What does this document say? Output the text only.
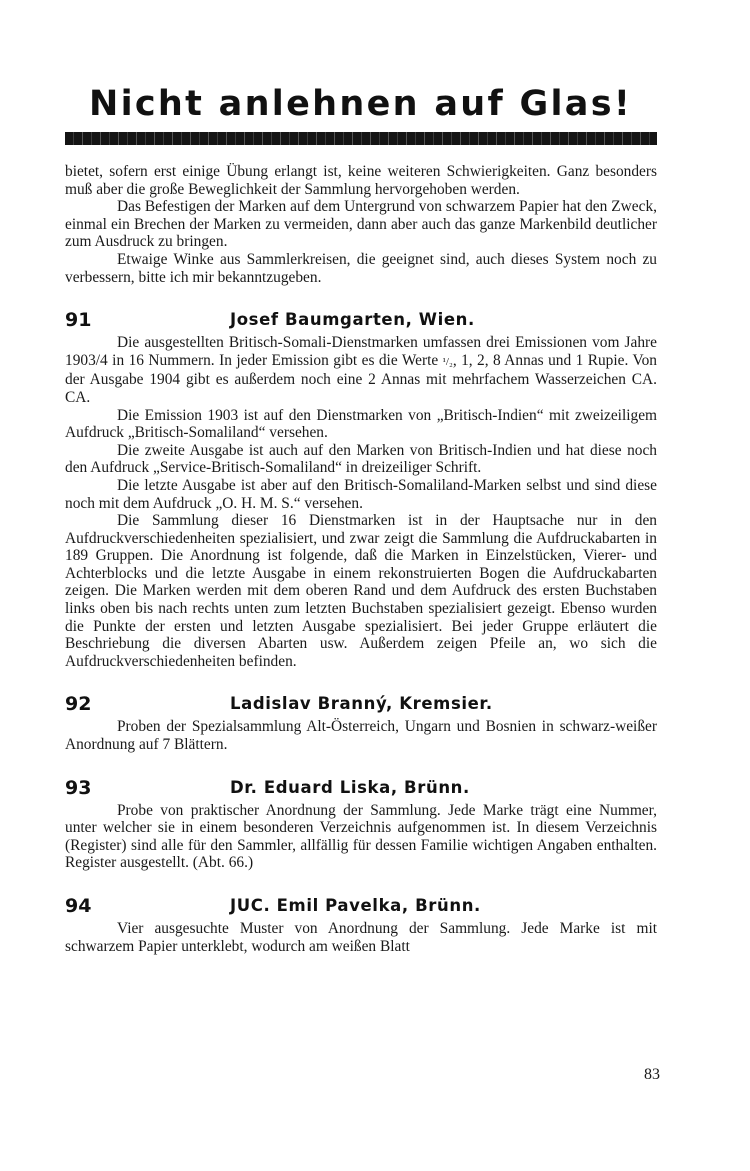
Nicht anlehnen auf Glas!

bietet, sofern erst einige Übung erlangt ist, keine weiteren Schwierigkeiten. Ganz besonders muß aber die große Beweglichkeit der Sammlung hervorgehoben werden.

Das Befestigen der Marken auf dem Untergrund von schwarzem Papier hat den Zweck, einmal ein Brechen der Marken zu vermeiden, dann aber auch das ganze Markenbild deutlicher zum Ausdruck zu bringen.

Etwaige Winke aus Sammlerkreisen, die geeignet sind, auch dieses System noch zu verbessern, bitte ich mir bekanntzugeben.

91	Josef Baumgarten, Wien.

Die ausgestellten Britisch-Somali-Dienstmarken umfassen drei Emissionen vom Jahre 1903/4 in 16 Nummern. In jeder Emission gibt es die Werte ¹/₂, 1, 2, 8 Annas und 1 Rupie. Von der Ausgabe 1904 gibt es außerdem noch eine 2 Annas mit mehrfachem Wasserzeichen CA. CA.

Die Emission 1903 ist auf den Dienstmarken von „Britisch-Indien“ mit zweizeiligem Aufdruck „Britisch-Somaliland“ versehen.

Die zweite Ausgabe ist auch auf den Marken von Britisch-Indien und hat diese noch den Aufdruck „Service-Britisch-Somaliland“ in dreizeiliger Schrift.

Die letzte Ausgabe ist aber auf den Britisch-Somaliland-Marken selbst und sind diese noch mit dem Aufdruck „O. H. M. S.“ versehen.

Die Sammlung dieser 16 Dienstmarken ist in der Hauptsache nur in den Aufdruckverschiedenheiten spezialisiert, und zwar zeigt die Sammlung die Aufdruckabarten in 189 Gruppen. Die Anordnung ist folgende, daß die Marken in Einzelstücken, Vierer- und Achterblocks und die letzte Ausgabe in einem rekonstruierten Bogen die Aufdruckabarten zeigen. Die Marken werden mit dem oberen Rand und dem Aufdruck des ersten Buchstaben links oben bis nach rechts unten zum letzten Buchstaben spezialisiert gezeigt. Ebenso wurden die Punkte der ersten und letzten Ausgabe spezialisiert. Bei jeder Gruppe erläutert die Beschriebung die diversen Abarten usw. Außerdem zeigen Pfeile an, wo sich die Aufdruckverschiedenheiten befinden.

92	Ladislav Branný, Kremsier.

Proben der Spezialsammlung Alt-Österreich, Ungarn und Bosnien in schwarz-weißer Anordnung auf 7 Blättern.

93	Dr. Eduard Liska, Brünn.

Probe von praktischer Anordnung der Sammlung. Jede Marke trägt eine Nummer, unter welcher sie in einem besonderen Verzeichnis aufgenommen ist. In diesem Verzeichnis (Register) sind alle für den Sammler, allfällig für dessen Familie wichtigen Angaben enthalten. Register ausgestellt. (Abt. 66.)

94	JUC. Emil Pavelka, Brünn.

Vier ausgesuchte Muster von Anordnung der Sammlung. Jede Marke ist mit schwarzem Papier unterklebt, wodurch am weißen Blatt

83
